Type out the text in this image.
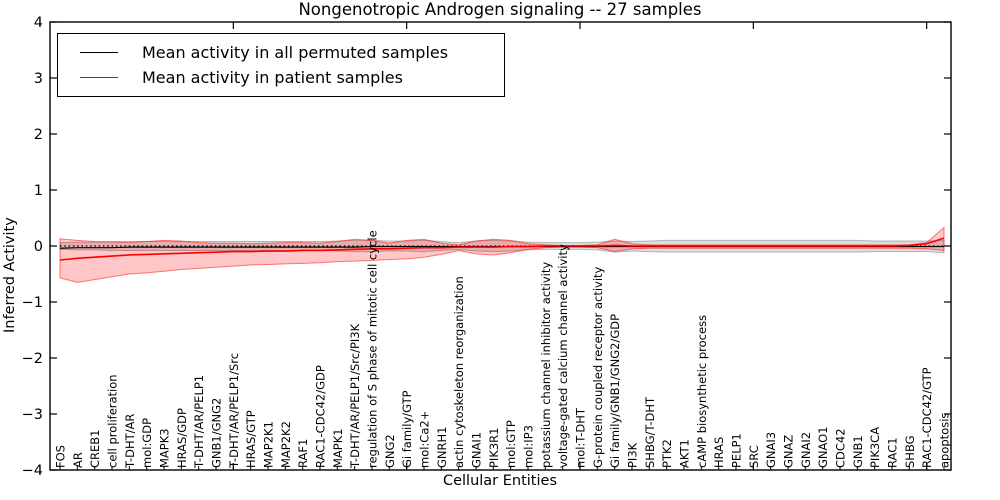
−4
−3
−2
−1
0
1
2
3
4
FOS AR CREB1 cell proliferation T-DHT/AR mol:GDP MAPK3 HRAS/GDP T-DHT/AR/PELP1 GNB1/GNG2 T-DHT/AR/PELP1/Src HRAS/GTP MAP2K1 MAP2K2 RAF1 RAC1-CDC42/GDP MAPK1 T-DHT/AR/PELP1/Src/PI3K regulation of S phase of mitotic cell cycle GNG2 Gi family/GTP mol:Ca2+ GNRH1 actin cytoskeleton reorganization GNAI1 PIK3R1 mol:GTP mol:IP3 potassium channel inhibitor activity voltage-gated calcium channel activity mol:T-DHT G-protein coupled receptor activity Gi family/GNB1/GNG2/GDP PI3K SHBG/T-DHT PTK2 AKT1 cAMP biosynthetic process HRAS PELP1 SRC GNAI3 GNAZ GNAI2 GNAO1 CDC42 GNB1 PIK3CA RAC1 SHBG RAC1-CDC42/GTP apoptosis
Nongenotropic Androgen signaling -- 27 samples
Inferred Activity
Cellular Entities
Mean activity in all permuted samples
Mean activity in patient samples
